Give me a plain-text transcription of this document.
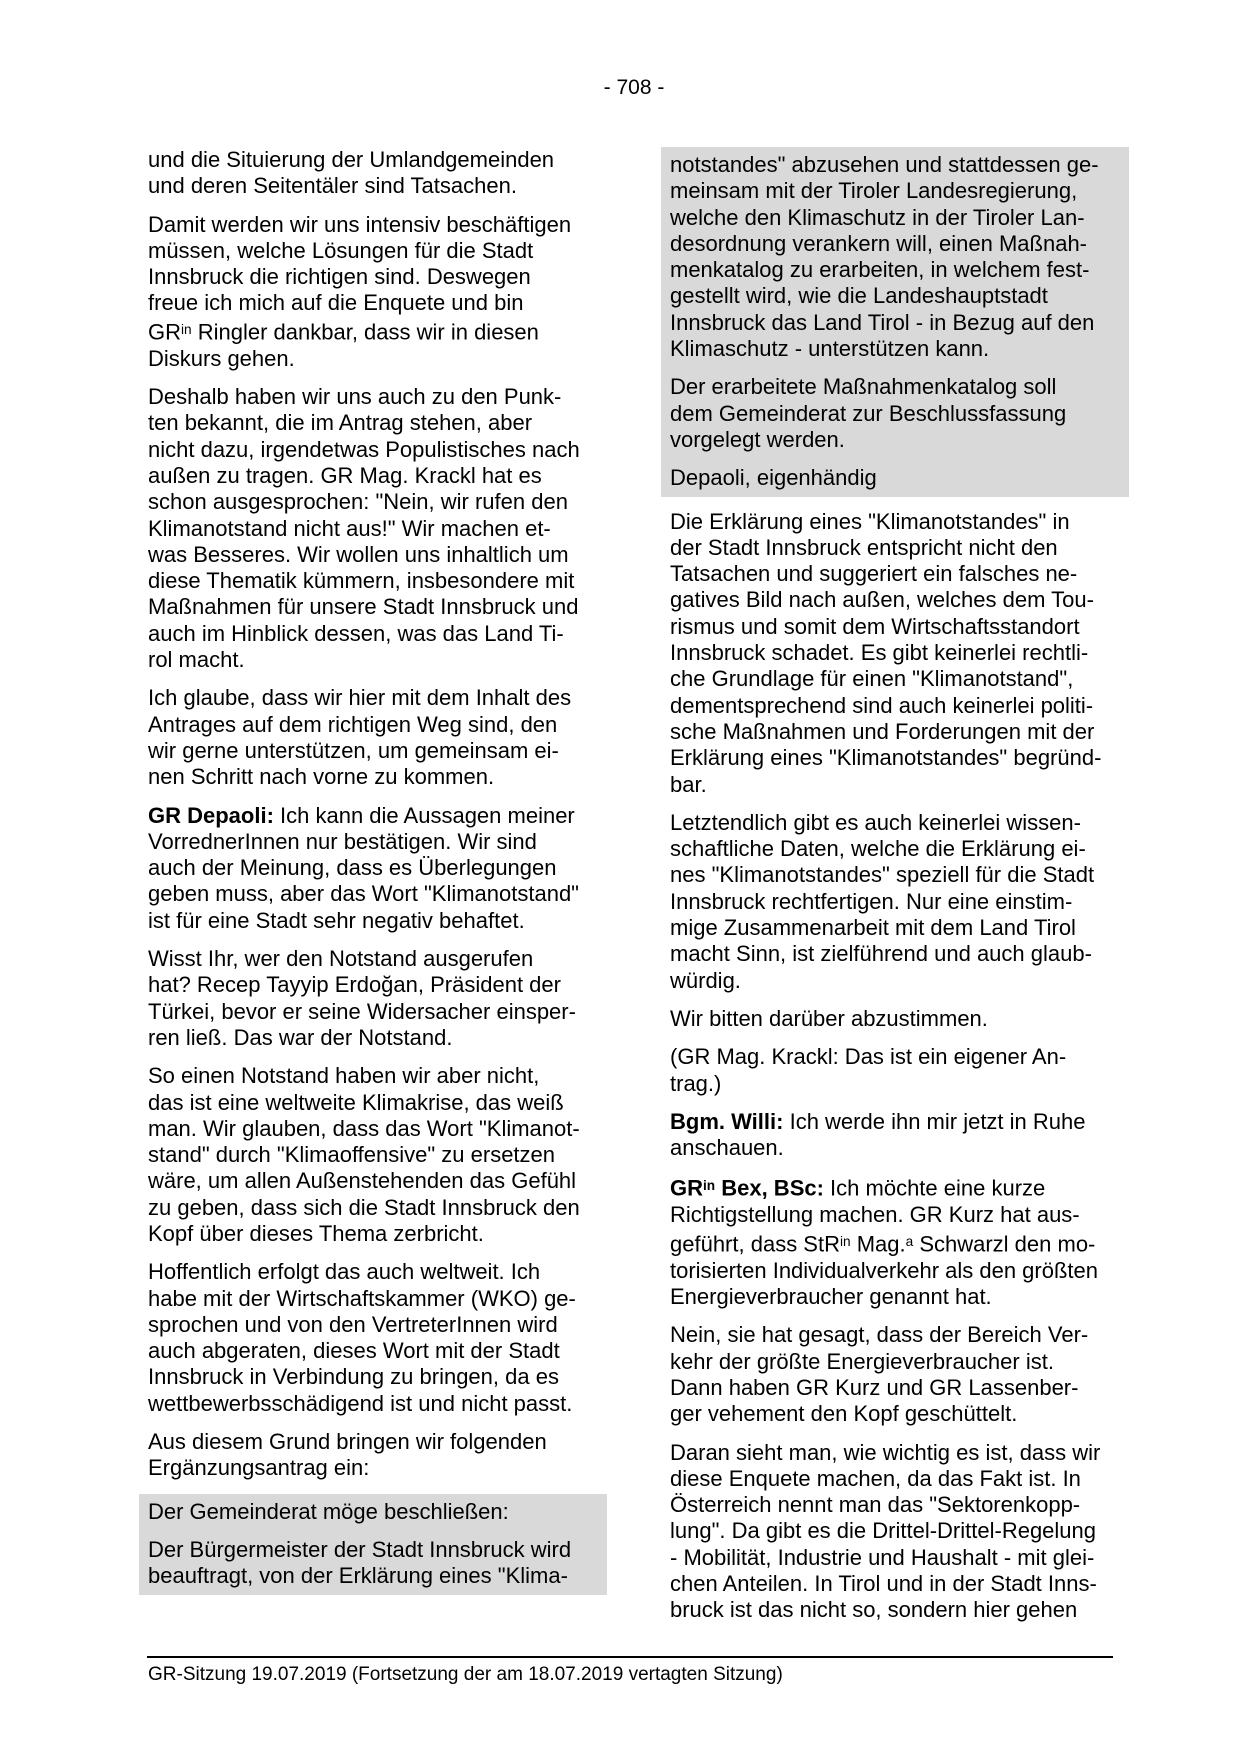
- 708 -

und die Situierung der Umlandgemeinden
und deren Seitentäler sind Tatsachen.

Damit werden wir uns intensiv beschäftigen
müssen, welche Lösungen für die Stadt
Innsbruck die richtigen sind. Deswegen
freue ich mich auf die Enquete und bin
$GR^{in}$ Ringler dankbar, dass wir in diesen
Diskurs gehen.

Deshalb haben wir uns auch zu den Punk-
ten bekannt, die im Antrag stehen, aber
nicht dazu, irgendetwas Populistisches nach
außen zu tragen. GR Mag. Krackl hat es
schon ausgesprochen: "Nein, wir rufen den
Klimanotstand nicht aus!" Wir machen et-
was Besseres. Wir wollen uns inhaltlich um
diese Thematik kümmern, insbesondere mit
Maßnahmen für unsere Stadt Innsbruck und
auch im Hinblick dessen, was das Land Ti-
rol macht.

Ich glaube, dass wir hier mit dem Inhalt des
Antrages auf dem richtigen Weg sind, den
wir gerne unterstützen, um gemeinsam ei-
nen Schritt nach vorne zu kommen.

GR Depaoli: Ich kann die Aussagen meiner
VorrednerInnen nur bestätigen. Wir sind
auch der Meinung, dass es Überlegungen
geben muss, aber das Wort "Klimanotstand"
ist für eine Stadt sehr negativ behaftet.

Wisst Ihr, wer den Notstand ausgerufen
hat? Recep Tayyip Erdoğan, Präsident der
Türkei, bevor er seine Widersacher einsper-
ren ließ. Das war der Notstand.

So einen Notstand haben wir aber nicht,
das ist eine weltweite Klimakrise, das weiß
man. Wir glauben, dass das Wort "Klimanot-
stand" durch "Klimaoffensive" zu ersetzen
wäre, um allen Außenstehenden das Gefühl
zu geben, dass sich die Stadt Innsbruck den
Kopf über dieses Thema zerbricht.

Hoffentlich erfolgt das auch weltweit. Ich
habe mit der Wirtschaftskammer (WKO) ge-
sprochen und von den VertreterInnen wird
auch abgeraten, dieses Wort mit der Stadt
Innsbruck in Verbindung zu bringen, da es
wettbewerbsschädigend ist und nicht passt.

Aus diesem Grund bringen wir folgenden
Ergänzungsantrag ein:

Der Gemeinderat möge beschließen:

Der Bürgermeister der Stadt Innsbruck wird
beauftragt, von der Erklärung eines "Klima-

notstandes" abzusehen und stattdessen ge-
meinsam mit der Tiroler Landesregierung,
welche den Klimaschutz in der Tiroler Lan-
desordnung verankern will, einen Maßnah-
menkatalog zu erarbeiten, in welchem fest-
gestellt wird, wie die Landeshauptstadt
Innsbruck das Land Tirol - in Bezug auf den
Klimaschutz - unterstützen kann.

Der erarbeitete Maßnahmenkatalog soll
dem Gemeinderat zur Beschlussfassung
vorgelegt werden.

Depaoli, eigenhändig

Die Erklärung eines "Klimanotstandes" in
der Stadt Innsbruck entspricht nicht den
Tatsachen und suggeriert ein falsches ne-
gatives Bild nach außen, welches dem Tou-
rismus und somit dem Wirtschaftsstandort
Innsbruck schadet. Es gibt keinerlei rechtli-
che Grundlage für einen "Klimanotstand",
dementsprechend sind auch keinerlei politi-
sche Maßnahmen und Forderungen mit der
Erklärung eines "Klimanotstandes" begründ-
bar.

Letztendlich gibt es auch keinerlei wissen-
schaftliche Daten, welche die Erklärung ei-
nes "Klimanotstandes" speziell für die Stadt
Innsbruck rechtfertigen. Nur eine einstim-
mige Zusammenarbeit mit dem Land Tirol
macht Sinn, ist zielführend und auch glaub-
würdig.

Wir bitten darüber abzustimmen.

(GR Mag. Krackl: Das ist ein eigener An-
trag.)

Bgm. Willi: Ich werde ihn mir jetzt in Ruhe
anschauen.

$GR^{in}$ Bex, BSc: Ich möchte eine kurze
Richtigstellung machen. GR Kurz hat aus-
geführt, dass StR$^{in}$ Mag.$^a$ Schwarzl den mo-
torisierten Individualverkehr als den größten
Energieverbraucher genannt hat.

Nein, sie hat gesagt, dass der Bereich Ver-
kehr der größte Energieverbraucher ist.
Dann haben GR Kurz und GR Lassenber-
ger vehement den Kopf geschüttelt.

Daran sieht man, wie wichtig es ist, dass wir
diese Enquete machen, da das Fakt ist. In
Österreich nennt man das "Sektorenkopp-
lung". Da gibt es die Drittel-Drittel-Regelung
- Mobilität, Industrie und Haushalt - mit glei-
chen Anteilen. In Tirol und in der Stadt Inns-
bruck ist das nicht so, sondern hier gehen

GR-Sitzung 19.07.2019 (Fortsetzung der am 18.07.2019 vertagten Sitzung)
